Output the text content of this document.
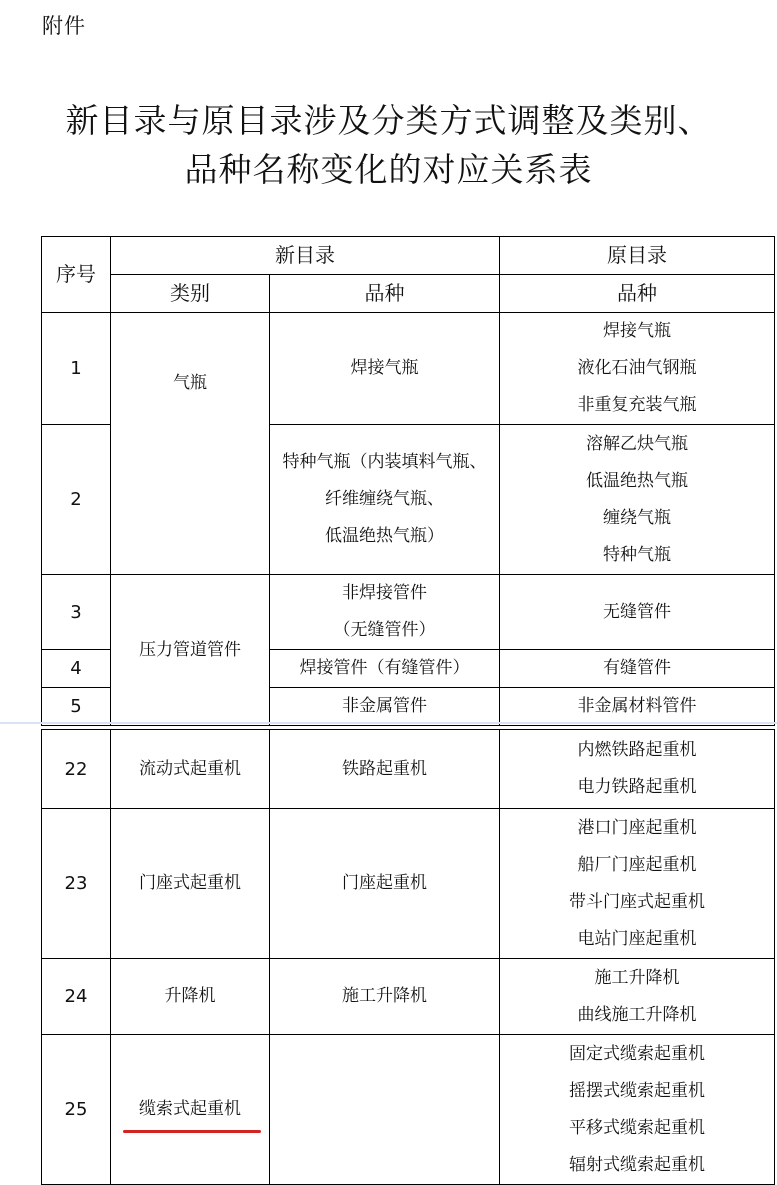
附件
新目录与原目录涉及分类方式调整及类别、
品种名称变化的对应关系表
序号	新目录		原目录
	类别	品种	品种
1	气瓶	焊接气瓶	焊接气瓶
液化石油气钢瓶
非重复充装气瓶

2		特种气瓶（内装填料气瓶、
纤维缠绕气瓶、
低温绝热气瓶）	溶解乙炔气瓶
低温绝热气瓶
缠绕气瓶
特种气瓶

3	压力管道管件	非焊接管件
（无缝管件）	无缝管件
4		焊接管件（有缝管件）	有缝管件
5		非金属管件	非金属材料管件
22	流动式起重机	铁路起重机	内燃铁路起重机
电力铁路起重机

23	门座式起重机	门座起重机	港口门座起重机
船厂门座起重机
带斗门座式起重机
电站门座起重机

24	升降机	施工升降机	施工升降机
曲线施工升降机

25	缆索式起重机		固定式缆索起重机
摇摆式缆索起重机
平移式缆索起重机
辐射式缆索起重机
